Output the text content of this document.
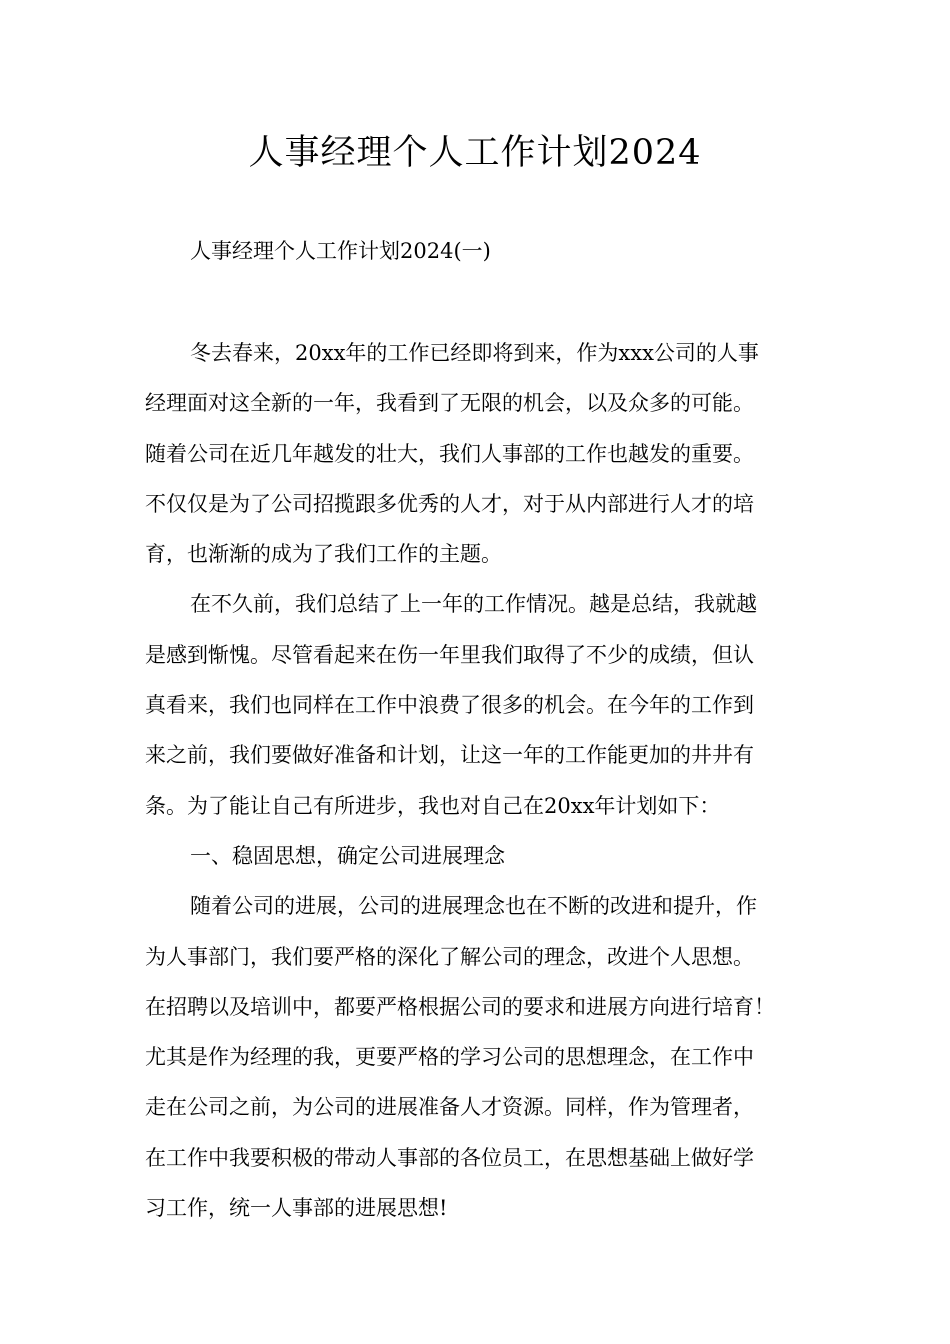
人事经理个人工作计划2024

人事经理个人工作计划2024(一)

冬去春来，20xx年的工作已经即将到来，作为xxx公司的人事
经理面对这全新的一年，我看到了无限的机会，以及众多的可能。
随着公司在近几年越发的壮大，我们人事部的工作也越发的重要。
不仅仅是为了公司招揽跟多优秀的人才，对于从内部进行人才的培
育，也渐渐的成为了我们工作的主题。
在不久前，我们总结了上一年的工作情况。越是总结，我就越
是感到惭愧。尽管看起来在伤一年里我们取得了不少的成绩，但认
真看来，我们也同样在工作中浪费了很多的机会。在今年的工作到
来之前，我们要做好准备和计划，让这一年的工作能更加的井井有
条。为了能让自己有所进步，我也对自己在20xx年计划如下：
一、稳固思想，确定公司进展理念
随着公司的进展，公司的进展理念也在不断的改进和提升，作
为人事部门，我们要严格的深化了解公司的理念，改进个人思想。
在招聘以及培训中，都要严格根据公司的要求和进展方向进行培育！
尤其是作为经理的我，更要严格的学习公司的思想理念，在工作中
走在公司之前，为公司的进展准备人才资源。同样，作为管理者，
在工作中我要积极的带动人事部的各位员工，在思想基础上做好学
习工作，统一人事部的进展思想!
